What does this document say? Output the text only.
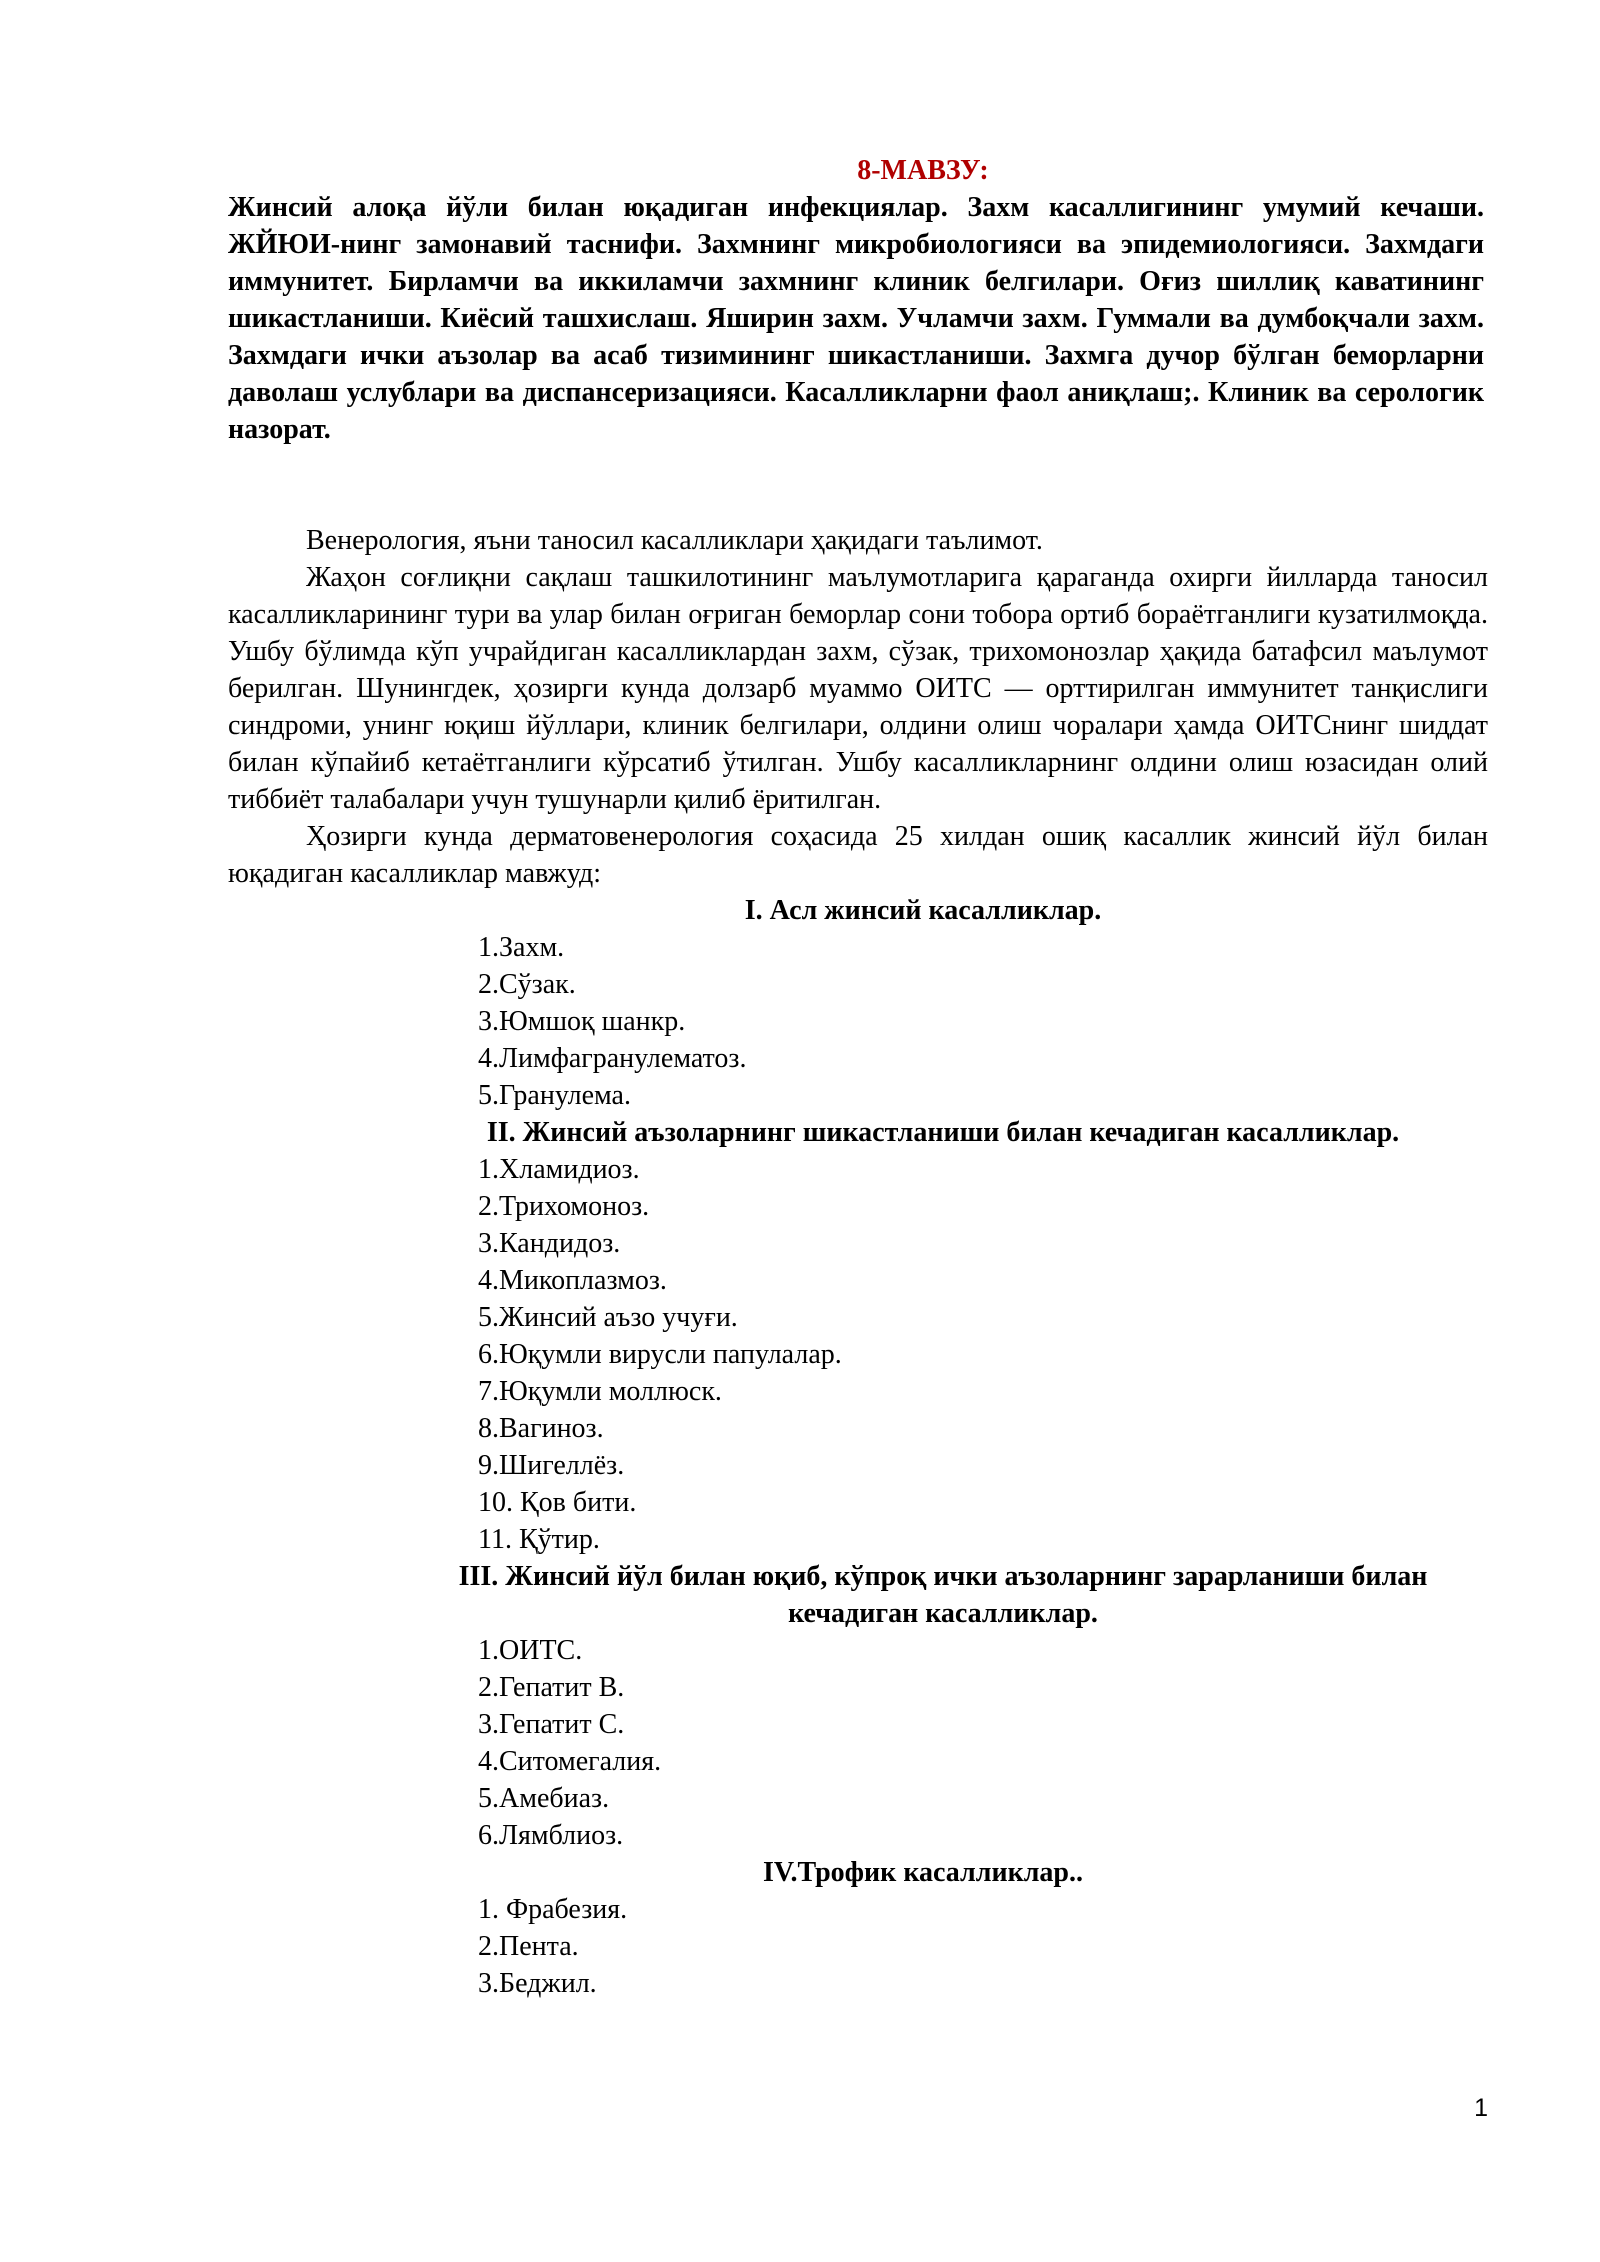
8-МАВЗУ:

Жинсий алоқа йўли билан юқадиган инфекциялар. Захм касаллигининг умумий кечаши. ЖЙЮИ-нинг замонавий таснифи. Захмнинг микробиологияси ва эпидемиологияси. Захмдаги иммунитет. Бирламчи ва иккиламчи захмнинг клиник белгилари. Оғиз шиллиқ каватининг шикастланиши. Киёсий ташхислаш. Яширин захм. Учламчи захм. Гуммали ва думбоқчали захм. Захмдаги ички аъзолар ва асаб тизимининг шикастланиши. Захмга дучор бўлган беморларни даволаш услублари ва диспансеризацияси. Касалликларни фаол аниқлаш;. Клиник ва серологик назорат.

Венерология, яъни таносил касалликлари ҳақидаги таълимот.

Жаҳон соғлиқни сақлаш ташкилотининг маълумотларига қараганда охирги йилларда таносил касалликларининг тури ва улар билан оғриган беморлар сони тобора ортиб бораётганлиги кузатилмоқда. Ушбу бўлимда кўп учрайдиган касалликлардан захм, сўзак, трихомонозлар ҳақида батафсил маълумот берилган. Шунингдек, ҳозирги кунда долзарб муаммо ОИТС — орттирилган иммунитет танқислиги синдроми, унинг юқиш йўллари, клиник белгилари, олдини олиш чоралари ҳамда ОИТСнинг шиддат билан кўпайиб кетаётганлиги кўрсатиб ўтилган. Ушбу касалликларнинг олдини олиш юзасидан олий тиббиёт талабалари учун тушунарли қилиб ёритилган.

Ҳозирги кунда дерматовенерология соҳасида 25 хилдан ошиқ касаллик жинсий йўл билан юқадиган касалликлар мавжуд:

I. Асл жинсий касалликлар.

1.Захм.
2.Сўзак.
3.Юмшоқ шанкр.
4.Лимфагранулематоз.
5.Гранулема.

II. Жинсий аъзоларнинг шикастланиши билан кечадиган касалликлар.

1.Хламидиоз.
2.Трихомоноз.
3.Кандидоз.
4.Микоплазмоз.
5.Жинсий аъзо учуғи.
6.Юқумли вирусли папулалар.
7.Юқумли моллюск.
8.Вагиноз.
9.Шигеллёз.
10. Қов бити.
11. Қўтир.

III. Жинсий йўл билан юқиб, кўпроқ ички аъзоларнинг зарарланиши билан кечадиган касалликлар.

1.ОИТС.
2.Гепатит В.
3.Гепатит С.
4.Ситомегалия.
5.Амебиаз.
6.Лямблиоз.

IV.Трофик касалликлар..

1. Фрабезия.
2.Пента.
3.Беджил.
1
